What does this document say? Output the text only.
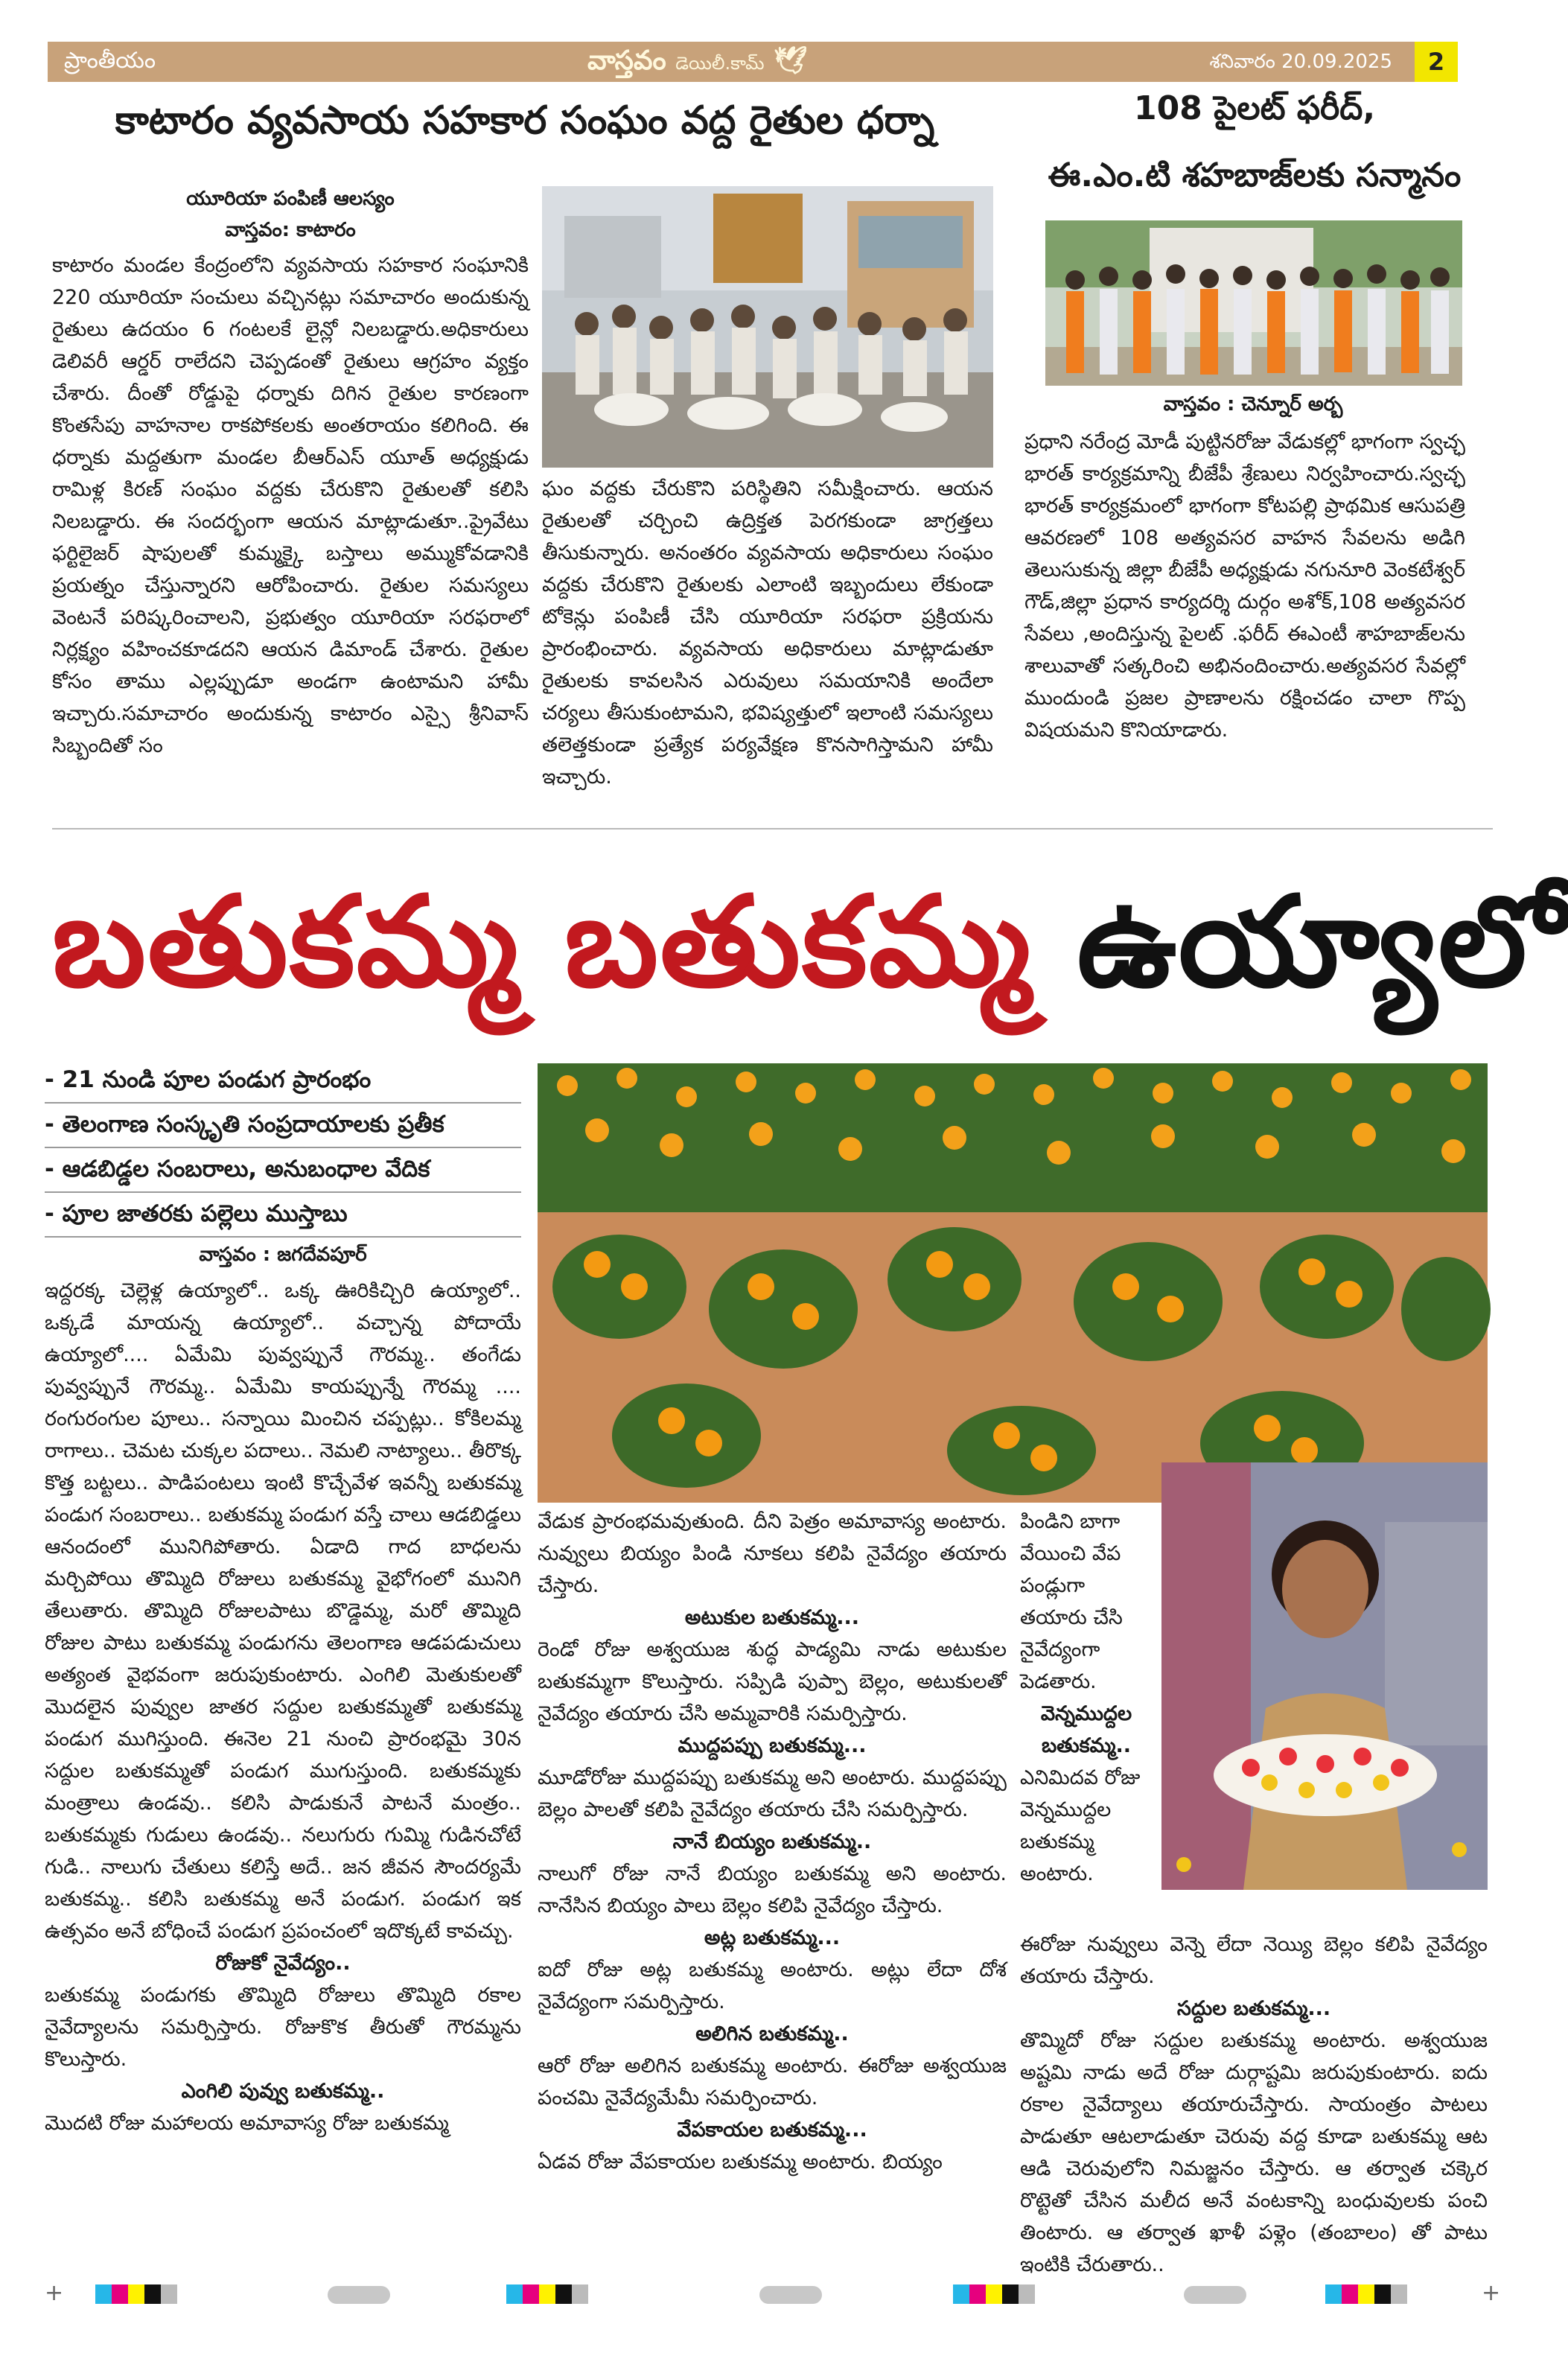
ప్రాంతీయం	వాస్తవం డెయిలీ.కామ్ 🕊	శనివారం 20.09.2025	2
కాటారం వ్యవసాయ సహకార సంఘం వద్ద రైతుల ధర్నా
యూరియా పంపిణీ ఆలస్యం
వాస్తవం: కాటారం

కాటారం మండల కేంద్రంలోని వ్యవసాయ సహకార సంఘానికి 220 యూరియా సంచులు వచ్చినట్లు సమాచారం అందుకున్న రైతులు ఉదయం 6 గంటలకే లైన్లో నిలబడ్డారు.అధికారులు డెలివరీ ఆర్డర్ రాలేదని చెప్పడంతో రైతులు ఆగ్రహం వ్యక్తం చేశారు. దీంతో రోడ్డుపై ధర్నాకు దిగిన రైతుల కారణంగా కొంతసేపు వాహనాల రాకపోకలకు అంతరాయం కలిగింది. ఈ ధర్నాకు మద్దతుగా మండల బీఆర్ఎస్ యూత్ అధ్యక్షుడు రామిళ్ల కిరణ్ సంఘం వద్దకు చేరుకొని రైతులతో కలిసి నిలబడ్డారు. ఈ సందర్భంగా ఆయన మాట్లాడుతూ..ప్రైవేటు ఫర్టిలైజర్ షాపులతో కుమ్మక్కై బస్తాలు అమ్ముకోవడానికి ప్రయత్నం చేస్తున్నారని ఆరోపించారు. రైతుల సమస్యలు వెంటనే పరిష్కరించాలని, ప్రభుత్వం యూరియా సరఫరాలో నిర్లక్ష్యం వహించకూడదని ఆయన డిమాండ్ చేశారు. రైతుల కోసం తాము ఎల్లప్పుడూ అండగా ఉంటామని హామీ ఇచ్చారు.సమాచారం అందుకున్న కాటారం ఎస్సై శ్రీనివాస్ సిబ్బందితో సం

ఘం వద్దకు చేరుకొని పరిస్థితిని సమీక్షించారు. ఆయన రైతులతో చర్చించి ఉద్రిక్తత పెరగకుండా జాగ్రత్తలు తీసుకున్నారు. అనంతరం వ్యవసాయ అధికారులు సంఘం వద్దకు చేరుకొని రైతులకు ఎలాంటి ఇబ్బందులు లేకుండా టోకెన్లు పంపిణీ చేసి యూరియా సరఫరా ప్రక్రియను ప్రారంభించారు. వ్యవసాయ అధికారులు మాట్లాడుతూ రైతులకు కావలసిన ఎరువులు సమయానికి అందేలా చర్యలు తీసుకుంటామని, భవిష్యత్తులో ఇలాంటి సమస్యలు తలెత్తకుండా ప్రత్యేక పర్యవేక్షణ కొనసాగిస్తామని హామీ ఇచ్చారు.

108 పైలట్ ఫరీద్,
ఈ.ఎం.టి శహబాజ్‌లకు సన్మానం
వాస్తవం : చెన్నూర్ అర్బ

ప్రధాని నరేంద్ర మోడీ పుట్టినరోజు వేడుకల్లో భాగంగా స్వచ్ఛ భారత్ కార్యక్రమాన్ని బీజేపీ శ్రేణులు నిర్వహించారు.స్వచ్ఛ భారత్ కార్యక్రమంలో భాగంగా కోటపల్లి ప్రాథమిక ఆసుపత్రి ఆవరణలో 108 అత్యవసర వాహన సేవలను అడిగి తెలుసుకున్న జిల్లా బీజేపీ అధ్యక్షుడు నగునూరి వెంకటేశ్వర్ గౌడ్,జిల్లా ప్రధాన కార్యదర్శి దుర్గం అశోక్,108 అత్యవసర సేవలు ,అందిస్తున్న పైలట్ .ఫరీద్ ఈఎంటీ శాహబాజ్‌లను శాలువాతో సత్కరించి అభినందించారు.అత్యవసర సేవల్లో ముందుండి ప్రజల ప్రాణాలను రక్షించడం చాలా గొప్ప విషయమని కొనియాడారు.

బతుకమ్మ బతుకమ్మ ఉయ్యాలో
- 21 నుండి పూల పండుగ ప్రారంభం
- తెలంగాణ సంస్కృతి సంప్రదాయాలకు ప్రతీక
- ఆడబిడ్డల సంబరాలు, అనుబంధాల వేదిక
- పూల జాతరకు పల్లెలు ముస్తాబు
వాస్తవం : జగదేవపూర్

ఇద్దరక్క చెల్లెళ్ల ఉయ్యాలో.. ఒక్క ఊరికిచ్చిరి ఉయ్యాలో.. ఒక్కడే మాయన్న ఉయ్యాలో.. వచ్చాన్న పోదాయే ఉయ్యాలో.... ఏమేమి పువ్వప్పునే గౌరమ్మ.. తంగేడు పువ్వప్పునే గౌరమ్మ.. ఏమేమి కాయప్పున్నే గౌరమ్మ .... రంగురంగుల పూలు.. సన్నాయి మించిన చప్పట్లు.. కోకిలమ్మ రాగాలు.. చెమట చుక్కల పదాలు.. నెమలి నాట్యాలు.. తీరొక్క కొత్త బట్టలు.. పాడిపంటలు ఇంటి కొచ్చేవేళ ఇవన్నీ బతుకమ్మ పండుగ సంబరాలు.. బతుకమ్మ పండుగ వస్తే చాలు ఆడబిడ్డలు ఆనందంలో మునిగిపోతారు. ఏడాది గాద బాధలను మర్చిపోయి తొమ్మిది రోజులు బతుకమ్మ వైభోగంలో మునిగి తేలుతారు. తొమ్మిది రోజులపాటు బొడ్డెమ్మ, మరో తొమ్మిది రోజుల పాటు బతుకమ్మ పండుగను తెలంగాణ ఆడపడుచులు అత్యంత వైభవంగా జరుపుకుంటారు. ఎంగిలి మెతుకులతో మొదలైన పువ్వుల జాతర సద్దుల బతుకమ్మతో బతుకమ్మ పండుగ ముగిస్తుంది. ఈనెల 21 నుంచి ప్రారంభమై 30న సద్దుల బతుకమ్మతో పండుగ ముగుస్తుంది. బతుకమ్మకు మంత్రాలు ఉండవు.. కలిసి పాడుకునే పాటనే మంత్రం.. బతుకమ్మకు గుడులు ఉండవు.. నలుగురు గుమ్మి గుడినచోటే గుడి.. నాలుగు చేతులు కలిస్తే అదే.. జన జీవన సౌందర్యమే బతుకమ్మ.. కలిసి బతుకమ్మ అనే పండుగ. పండుగ ఇక ఉత్సవం అనే బోధించే పండుగ ప్రపంచంలో ఇదొక్కటే కావచ్చు.

రోజుకో నైవేద్యం..

బతుకమ్మ పండుగకు తొమ్మిది రోజులు తొమ్మిది రకాల నైవేద్యాలను సమర్పిస్తారు. రోజుకొక తీరుతో గౌరమ్మను కొలుస్తారు.

ఎంగిలి పువ్వు బతుకమ్మ..

మొదటి రోజు మహాలయ అమావాస్య రోజు బతుకమ్మ

వేడుక ప్రారంభమవుతుంది. దీని పెత్రం అమావాస్య అంటారు. నువ్వులు బియ్యం పిండి నూకలు కలిపి నైవేద్యం తయారు చేస్తారు.

అటుకుల బతుకమ్మ...

రెండో రోజు అశ్వయుజ శుద్ధ పాడ్యమి నాడు అటుకుల బతుకమ్మగా కొలుస్తారు. సప్పిడి పుప్పా బెల్లం, అటుకులతో నైవేద్యం తయారు చేసి అమ్మవారికి సమర్పిస్తారు.

ముద్దపప్పు బతుకమ్మ...

మూడోరోజు ముద్దపప్పు బతుకమ్మ అని అంటారు. ముద్దపప్పు బెల్లం పాలతో కలిపి నైవేద్యం తయారు చేసి సమర్పిస్తారు.

నానే బియ్యం బతుకమ్మ..

నాలుగో రోజు నానే బియ్యం బతుకమ్మ అని అంటారు. నానేసిన బియ్యం పాలు బెల్లం కలిపి నైవేద్యం చేస్తారు.

అట్ల బతుకమ్మ...

ఐదో రోజు అట్ల బతుకమ్మ అంటారు. అట్లు లేదా దోశ నైవేద్యంగా సమర్పిస్తారు.

అలిగిన బతుకమ్మ..

ఆరో రోజు అలిగిన బతుకమ్మ అంటారు. ఈరోజు అశ్వయుజ పంచమి నైవేద్యమేమీ సమర్పించారు.

వేపకాయల బతుకమ్మ...

ఏడవ రోజు వేపకాయల బతుకమ్మ అంటారు. బియ్యం

పిండిని బాగా వేయించి వేప పండ్లుగా తయారు చేసి నైవేద్యంగా పెడతారు.

వెన్నముద్దల బతుకమ్మ..

ఎనిమిదవ రోజు వెన్నముద్దల బతుకమ్మ అంటారు.

ఈరోజు నువ్వులు వెన్నె లేదా నెయ్యి బెల్లం కలిపి నైవేద్యం తయారు చేస్తారు.

సద్దుల బతుకమ్మ...

తొమ్మిదో రోజు సద్దుల బతుకమ్మ అంటారు. అశ్వయుజ అష్టమి నాడు అదే రోజు దుర్గాష్టమి జరుపుకుంటారు. ఐదు రకాల నైవేద్యాలు తయారుచేస్తారు. సాయంత్రం పాటలు పాడుతూ ఆటలాడుతూ చెరువు వద్ద కూడా బతుకమ్మ ఆట ఆడి చెరువులోని నిమజ్జనం చేస్తారు. ఆ తర్వాత చక్కెర రొట్టెతో చేసిన మలీద అనే వంటకాన్ని బంధువులకు పంచి తింటారు. ఆ తర్వాత ఖాళీ పళ్లెం (తంబాలం) తో పాటు ఇంటికి చేరుతారు..

+	+
